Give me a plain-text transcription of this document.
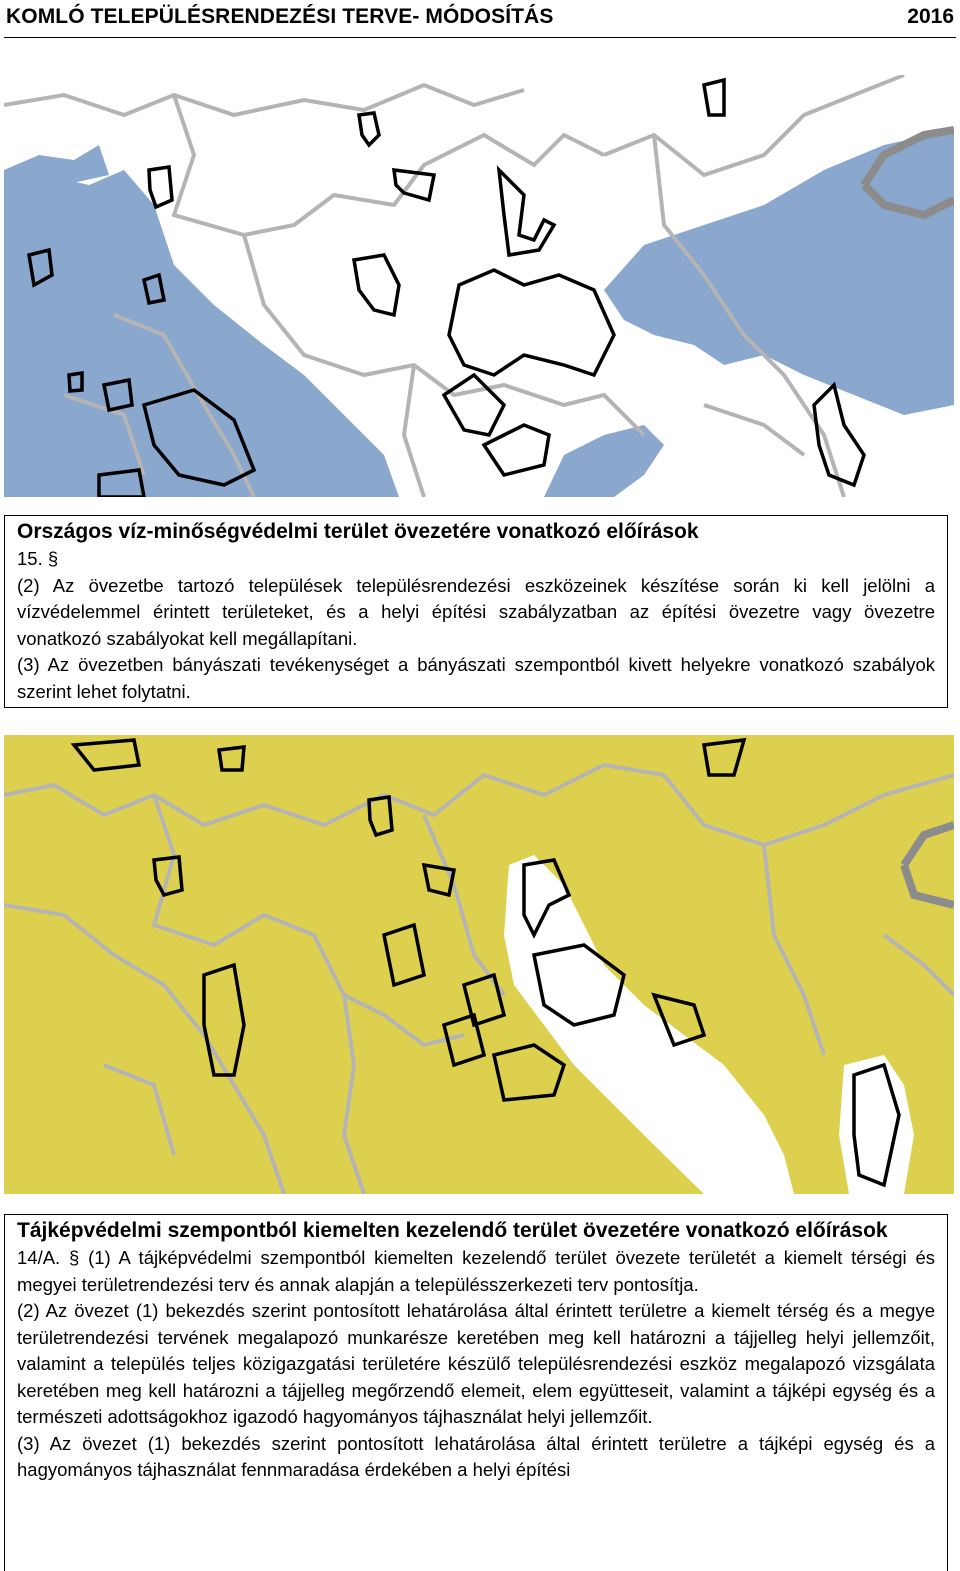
KOMLÓ TELEPÜLÉSRENDEZÉSI TERVE- MÓDOSÍTÁS	2016
Országos víz-minőségvédelmi terület övezetére vonatkozó előírások
15. §
(2) Az övezetbe tartozó települések településrendezési eszközeinek készítése során ki kell jelölni a vízvédelemmel érintett területeket, és a helyi építési szabályzatban az építési övezetre vagy övezetre vonatkozó szabályokat kell megállapítani.
(3) Az övezetben bányászati tevékenységet a bányászati szempontból kivett helyekre vonatkozó szabályok szerint lehet folytatni.
Tájképvédelmi szempontból kiemelten kezelendő terület övezetére vonatkozó előírások
14/A. § (1) A tájképvédelmi szempontból kiemelten kezelendő terület övezete területét a kiemelt térségi és megyei területrendezési terv és annak alapján a településszerkezeti terv pontosítja.
(2) Az övezet (1) bekezdés szerint pontosított lehatárolása által érintett területre a kiemelt térség és a megye területrendezési tervének megalapozó munkarésze keretében meg kell határozni a tájjelleg helyi jellemzőit, valamint a település teljes közigazgatási területére készülő településrendezési eszköz megalapozó vizsgálata keretében meg kell határozni a tájjelleg megőrzendő elemeit, elem együtteseit, valamint a tájképi egység és a természeti adottságokhoz igazodó hagyományos tájhasználat helyi jellemzőit.
(3) Az övezet (1) bekezdés szerint pontosított lehatárolása által érintett területre a tájképi egység és a hagyományos tájhasználat fennmaradása érdekében a helyi építési
